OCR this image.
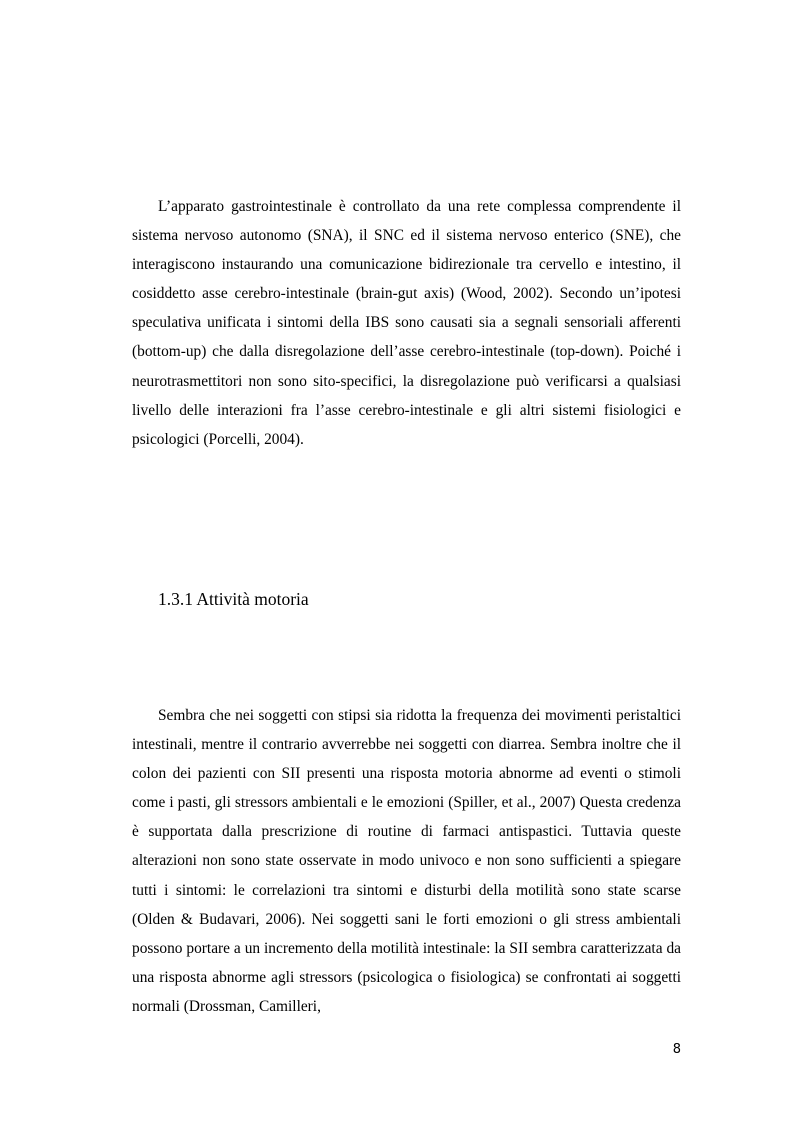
L’apparato gastrointestinale è controllato da una rete complessa comprendente il sistema nervoso autonomo (SNA), il SNC ed il sistema nervoso enterico (SNE), che interagiscono instaurando una comunicazione bidirezionale tra cervello e intestino, il cosiddetto asse cerebro-intestinale (brain-gut axis) (Wood, 2002). Secondo un’ipotesi speculativa unificata i sintomi della IBS sono causati sia a segnali sensoriali afferenti (bottom-up) che dalla disregolazione dell’asse cerebro-intestinale (top-down). Poiché i neurotrasmettitori non sono sito-specifici, la disregolazione può verificarsi a qualsiasi livello delle interazioni fra l’asse cerebro-intestinale e gli altri sistemi fisiologici e psicologici (Porcelli, 2004).

1.3.1 Attività motoria

Sembra che nei soggetti con stipsi sia ridotta la frequenza dei movimenti peristaltici intestinali, mentre il contrario avverrebbe nei soggetti con diarrea. Sembra inoltre che il colon dei pazienti con SII presenti una risposta motoria abnorme ad eventi o stimoli come i pasti, gli stressors ambientali e le emozioni (Spiller, et al., 2007) Questa credenza è supportata dalla prescrizione di routine di farmaci antispastici. Tuttavia queste alterazioni non sono state osservate in modo univoco e non sono sufficienti a spiegare tutti i sintomi: le correlazioni tra sintomi e disturbi della motilità sono state scarse (Olden & Budavari, 2006). Nei soggetti sani le forti emozioni o gli stress ambientali possono portare a un incremento della motilità intestinale: la SII sembra caratterizzata da una risposta abnorme agli stressors (psicologica o fisiologica) se confrontati ai soggetti normali (Drossman, Camilleri,

8
